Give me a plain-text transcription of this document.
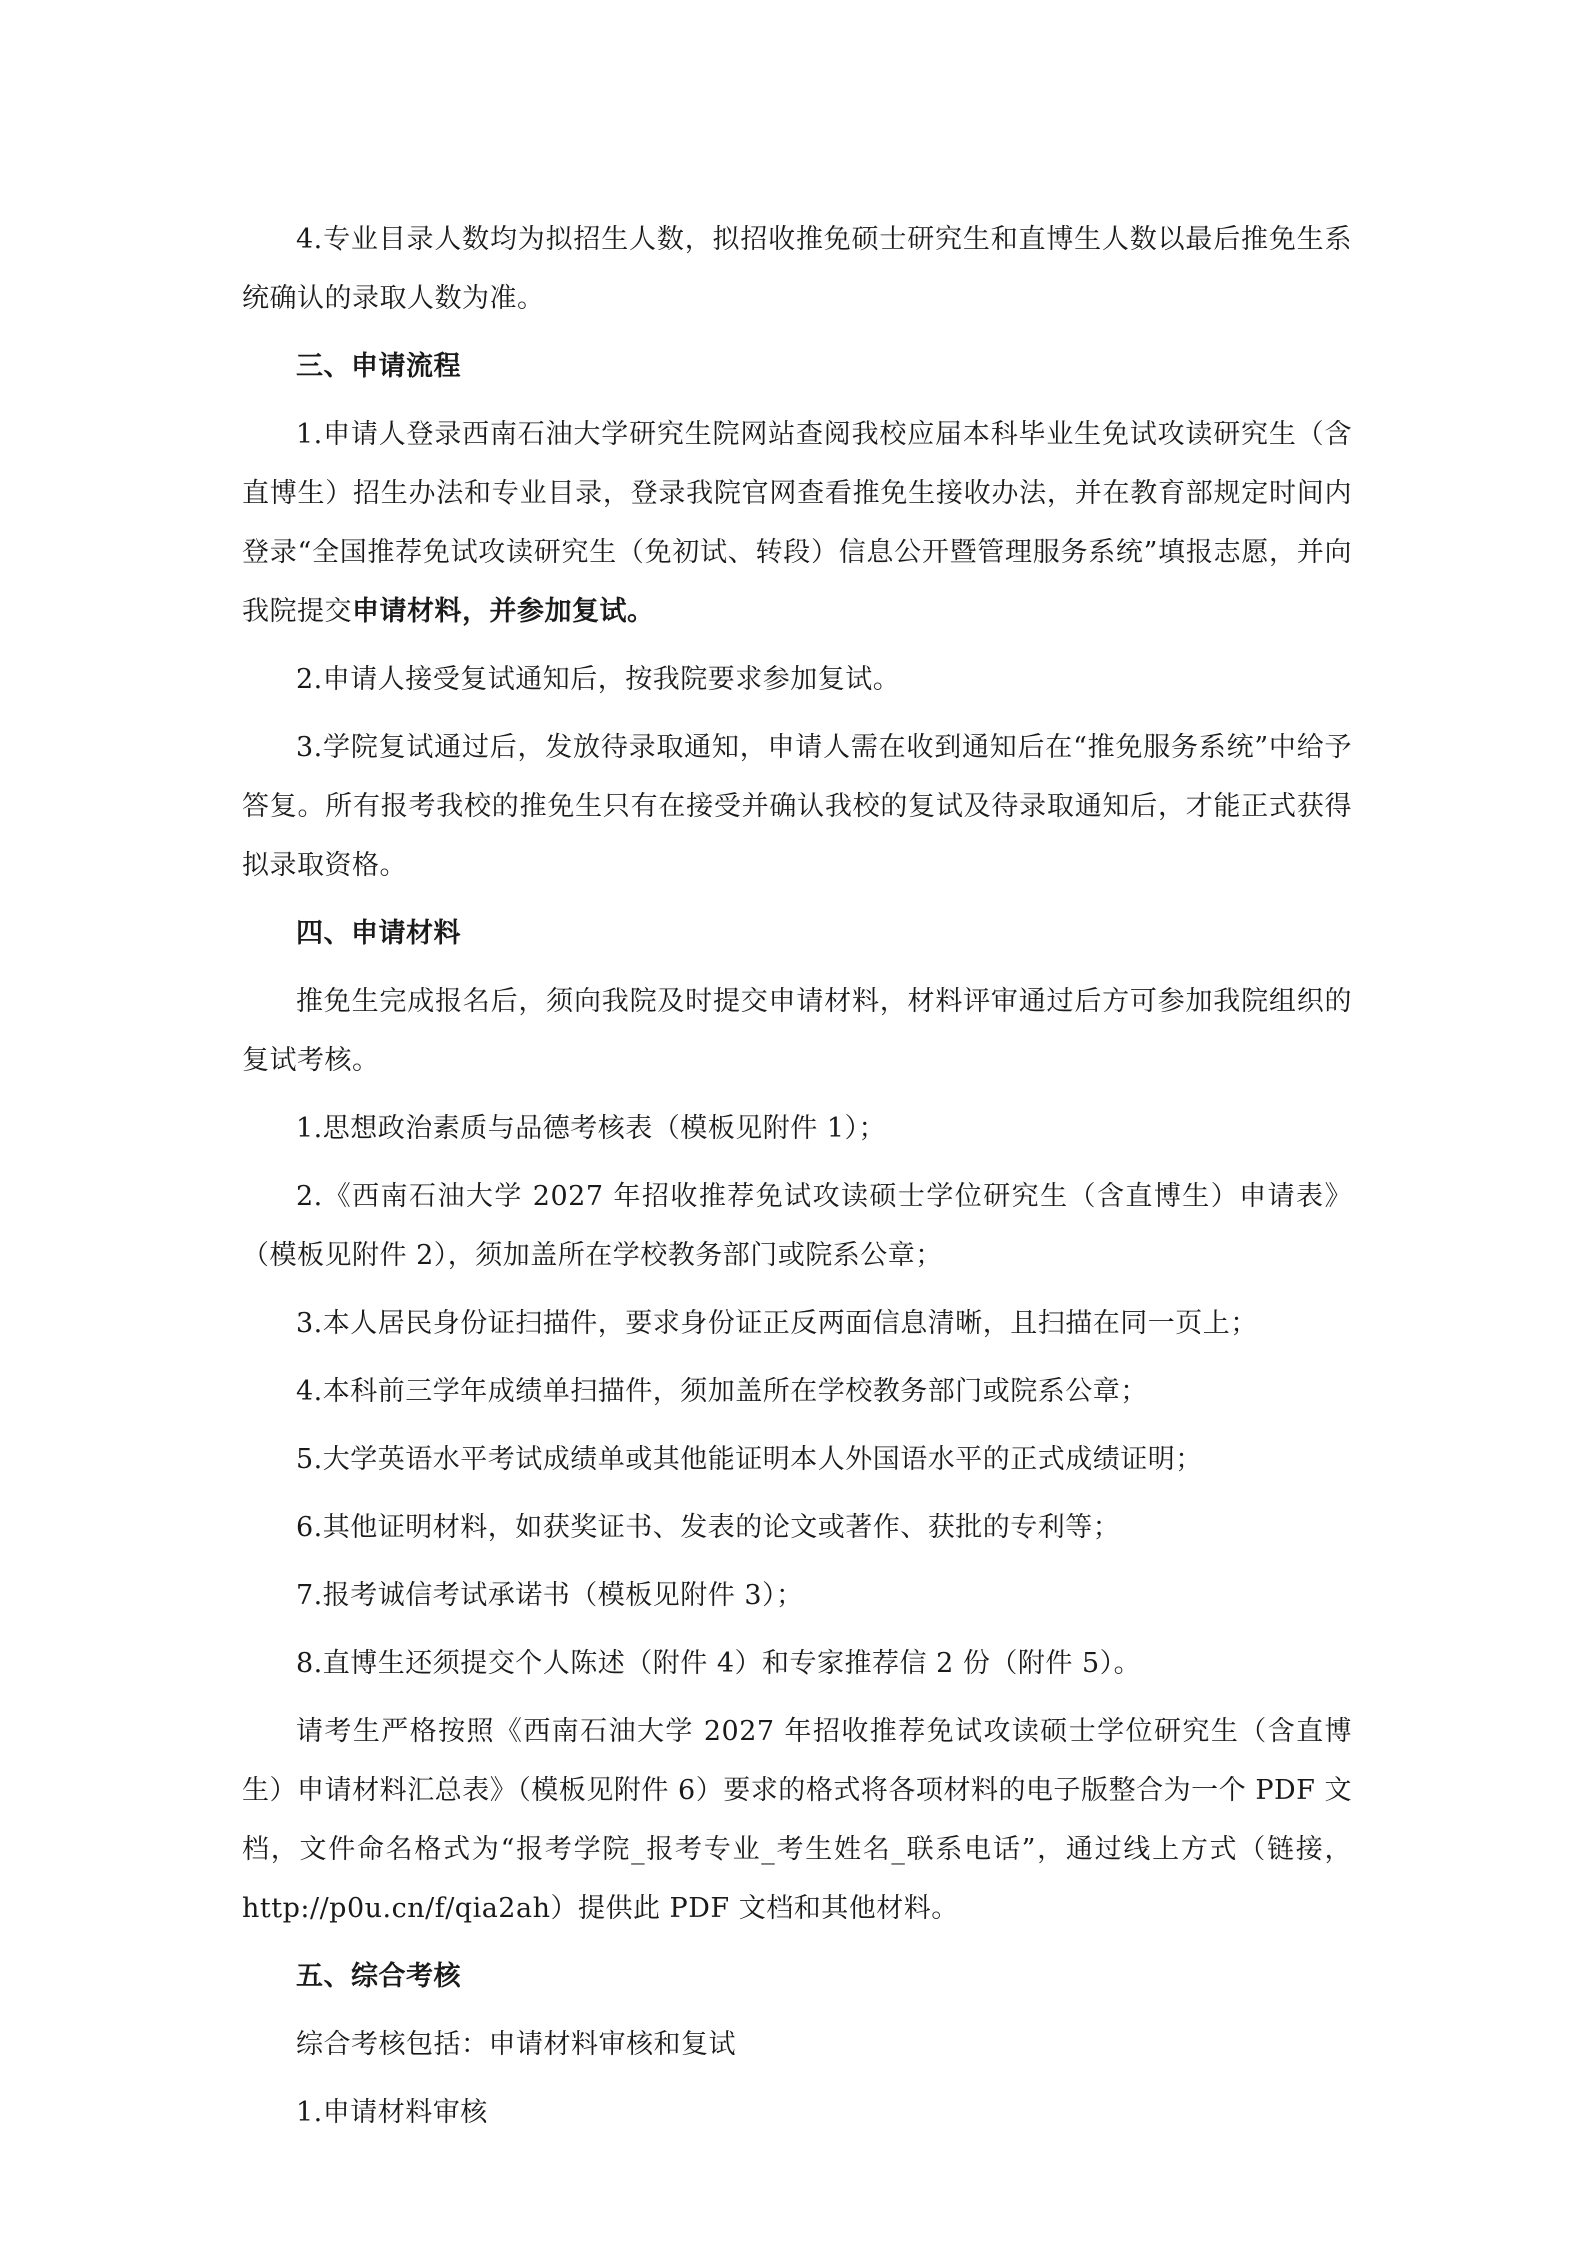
4.专业目录人数均为拟招生人数，拟招收推免硕士研究生和直博生人数以最后推免生系统确认的录取人数为准。

三、申请流程

1.申请人登录西南石油大学研究生院网站查阅我校应届本科毕业生免试攻读研究生（含直博生）招生办法和专业目录，登录我院官网查看推免生接收办法，并在教育部规定时间内登录“全国推荐免试攻读研究生（免初试、转段）信息公开暨管理服务系统”填报志愿，并向我院提交申请材料，并参加复试。

2.申请人接受复试通知后，按我院要求参加复试。

3.学院复试通过后，发放待录取通知，申请人需在收到通知后在“推免服务系统”中给予答复。所有报考我校的推免生只有在接受并确认我校的复试及待录取通知后，才能正式获得拟录取资格。

四、申请材料

推免生完成报名后，须向我院及时提交申请材料，材料评审通过后方可参加我院组织的复试考核。

1.思想政治素质与品德考核表（模板见附件 1）；

2.《西南石油大学 2027 年招收推荐免试攻读硕士学位研究生（含直博生）申请表》（模板见附件 2），须加盖所在学校教务部门或院系公章；

3.本人居民身份证扫描件，要求身份证正反两面信息清晰，且扫描在同一页上；

4.本科前三学年成绩单扫描件，须加盖所在学校教务部门或院系公章；

5.大学英语水平考试成绩单或其他能证明本人外国语水平的正式成绩证明；

6.其他证明材料，如获奖证书、发表的论文或著作、获批的专利等；

7.报考诚信考试承诺书（模板见附件 3）；

8.直博生还须提交个人陈述（附件 4）和专家推荐信 2 份（附件 5）。

请考生严格按照《西南石油大学 2027 年招收推荐免试攻读硕士学位研究生（含直博生）申请材料汇总表》（模板见附件 6）要求的格式将各项材料的电子版整合为一个 PDF 文档，文件命名格式为“报考学院_报考专业_考生姓名_联系电话”，通过线上方式（链接，http://p0u.cn/f/qia2ah）提供此 PDF 文档和其他材料。

五、综合考核

综合考核包括：申请材料审核和复试

1.申请材料审核
